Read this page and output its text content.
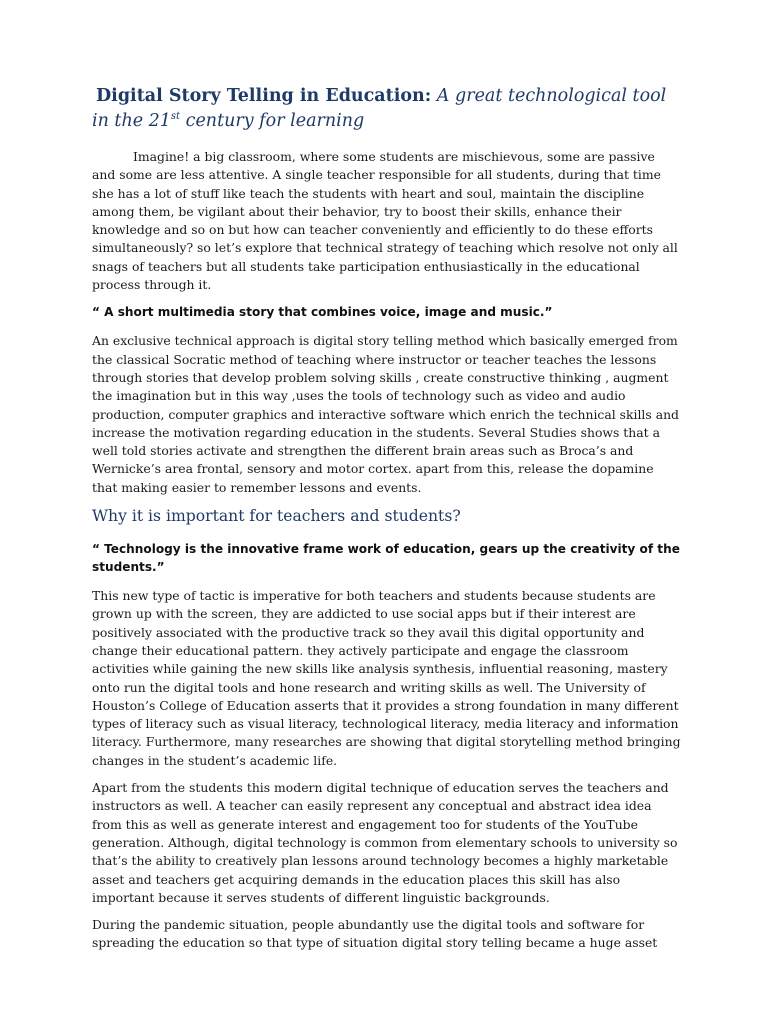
Digital Story Telling in Education: A great technological tool in the 21st century for learning

Imagine! a big classroom, where some students are mischievous, some are passive and some are less attentive. A single teacher responsible for all students, during that time she has a lot of stuff like teach the students with heart and soul, maintain the discipline among them, be vigilant about their behavior, try to boost their skills, enhance their knowledge and so on but how can teacher conveniently and efficiently to do these efforts simultaneously? so let’s explore that technical strategy of teaching which resolve not only all snags of teachers but all students take participation enthusiastically in the educational process through it.

“ A short multimedia story that combines voice, image and music.”

An exclusive technical approach is digital story telling method which basically emerged from the classical Socratic method of teaching where instructor or teacher teaches the lessons through stories that develop problem solving skills , create constructive thinking , augment the imagination but in this way ,uses the tools of technology such as video and audio production, computer graphics and interactive software which enrich the technical skills and increase the motivation regarding education in the students. Several Studies shows that a well told stories activate and strengthen the different brain areas such as Broca’s and Wernicke’s area frontal, sensory and motor cortex. apart from this, release the dopamine that making easier to remember lessons and events.

Why it is important for teachers and students?

“ Technology is the innovative frame work of education, gears up the creativity of the students.”

This new type of tactic is imperative for both teachers and students because students are grown up with the screen, they are addicted to use social apps but if their interest are positively associated with the productive track so they avail this digital opportunity and change their educational pattern. they actively participate and engage the classroom activities while gaining the new skills like analysis synthesis, influential reasoning, mastery onto run the digital tools and hone research and writing skills as well. The University of Houston’s College of Education asserts that it provides a strong foundation in many different types of literacy such as visual literacy, technological literacy, media literacy and information literacy. Furthermore, many researches are showing that digital storytelling method bringing changes in the student’s academic life.

Apart from the students this modern digital technique of education serves the teachers and instructors as well. A teacher can easily represent any conceptual and abstract idea idea from this as well as generate interest and engagement too for students of the YouTube generation. Although, digital technology is common from elementary schools to university so that’s the ability to creatively plan lessons around technology becomes a highly marketable asset and teachers get acquiring demands in the education places this skill has also important because it serves students of different linguistic backgrounds.

During the pandemic situation, people abundantly use the digital tools and software for spreading the education so that type of situation digital story telling became a huge asset
